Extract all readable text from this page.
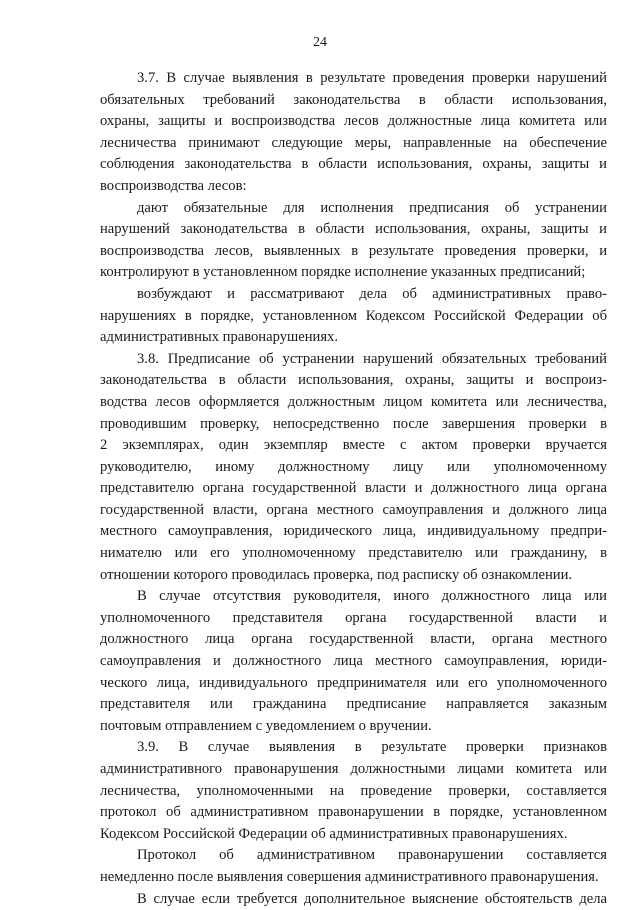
24
3.7. В случае выявления в результате проведения проверки нарушений
обязательных требований законодательства в области использования,
охраны, защиты и воспроизводства лесов должностные лица комитета или
лесничества принимают следующие меры, направленные на обеспечение
соблюдения законодательства в области использования, охраны, защиты и
воспроизводства лесов:
дают обязательные для исполнения предписания об устранении
нарушений законодательства в области использования, охраны, защиты и
воспроизводства лесов, выявленных в результате проведения проверки, и
контролируют в установленном порядке исполнение указанных предписаний;
возбуждают и рассматривают дела об административных право-
нарушениях в порядке, установленном Кодексом Российской Федерации об
административных правонарушениях.
3.8. Предписание об устранении нарушений обязательных требований
законодательства в области использования, охраны, защиты и воспроиз-
водства лесов оформляется должностным лицом комитета или лесничества,
проводившим проверку, непосредственно после завершения проверки в
2 экземплярах, один экземпляр вместе с актом проверки вручается
руководителю, иному должностному лицу или уполномоченному
представителю органа государственной власти и должностного лица органа
государственной власти, органа местного самоуправления и должного лица
местного самоуправления, юридического лица, индивидуальному предпри-
нимателю или его уполномоченному представителю или гражданину, в
отношении которого проводилась проверка, под расписку об ознакомлении.
В случае отсутствия руководителя, иного должностного лица или
уполномоченного представителя органа государственной власти и
должностного лица органа государственной власти, органа местного
самоуправления и должностного лица местного самоуправления, юриди-
ческого лица, индивидуального предпринимателя или его уполномоченного
представителя или гражданина предписание направляется заказным
почтовым отправлением с уведомлением о вручении.
3.9. В случае выявления в результате проверки признаков
административного правонарушения должностными лицами комитета или
лесничества, уполномоченными на проведение проверки, составляется
протокол об административном правонарушении в порядке, установленном
Кодексом Российской Федерации об административных правонарушениях.
Протокол об административном правонарушении составляется
немедленно после выявления совершения административного правонарушения.
В случае если требуется дополнительное выяснение обстоятельств дела
